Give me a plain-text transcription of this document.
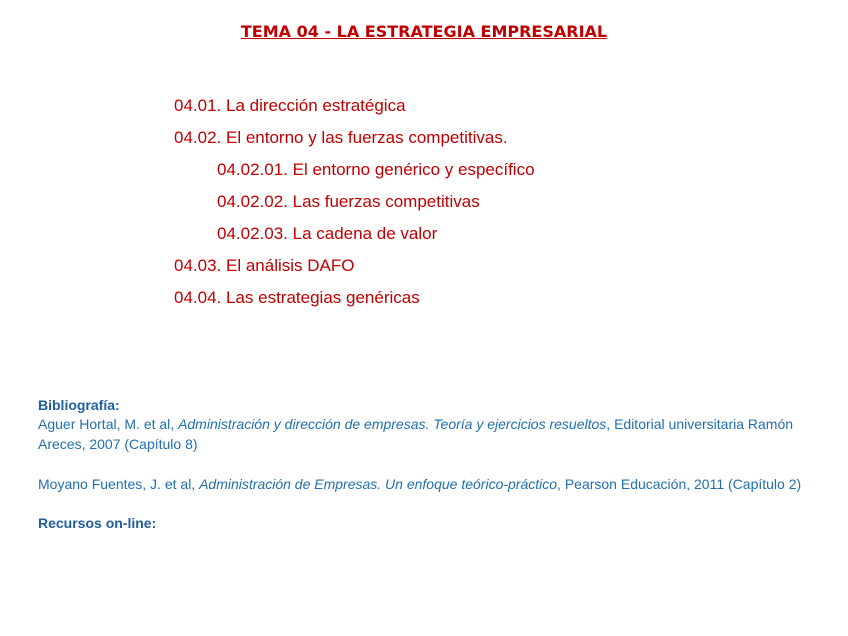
TEMA 04 - LA ESTRATEGIA EMPRESARIAL
04.01. La dirección estratégica
04.02. El entorno y las fuerzas competitivas.
04.02.01. El entorno genérico y específico
04.02.02. Las fuerzas competitivas
04.02.03. La cadena de valor
04.03. El análisis DAFO
04.04. Las estrategias genéricas
Bibliografía:

Aguer Hortal, M. et al, Administración y dirección de empresas. Teoría y ejercicios resueltos, Editorial universitaria Ramón Areces, 2007 (Capítulo 8)

Moyano Fuentes, J. et al, Administración de Empresas. Un enfoque teórico-práctico, Pearson Educación, 2011 (Capítulo 2)

Recursos on-line:
